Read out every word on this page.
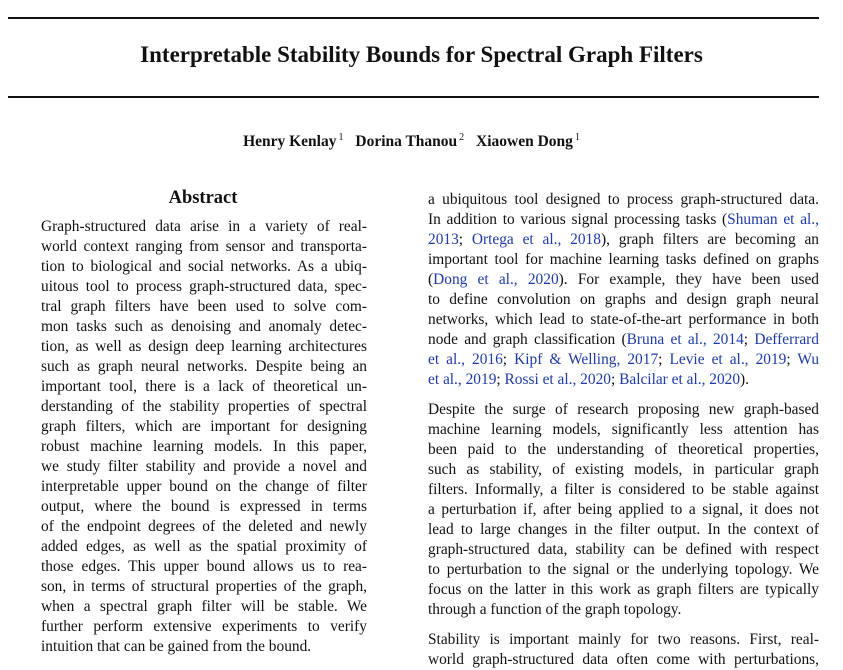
Interpretable Stability Bounds for Spectral Graph Filters
Henry Kenlay $^1$ Dorina Thanou $^2$ Xiaowen Dong $^1$
Abstract
Graph-structured data arise in a variety of real-
world context ranging from sensor and transporta-
tion to biological and social networks. As a ubiq-
uitous tool to process graph-structured data, spec-
tral graph filters have been used to solve com-
mon tasks such as denoising and anomaly detec-
tion, as well as design deep learning architectures
such as graph neural networks. Despite being an
important tool, there is a lack of theoretical un-
derstanding of the stability properties of spectral
graph filters, which are important for designing
robust machine learning models. In this paper,
we study filter stability and provide a novel and
interpretable upper bound on the change of filter
output, where the bound is expressed in terms
of the endpoint degrees of the deleted and newly
added edges, as well as the spatial proximity of
those edges. This upper bound allows us to rea-
son, in terms of structural properties of the graph,
when a spectral graph filter will be stable. We
further perform extensive experiments to verify
intuition that can be gained from the bound.
a ubiquitous tool designed to process graph-structured data.
In addition to various signal processing tasks (Shuman et al.,
2013; Ortega et al., 2018), graph filters are becoming an
important tool for machine learning tasks defined on graphs
(Dong et al., 2020). For example, they have been used
to define convolution on graphs and design graph neural
networks, which lead to state-of-the-art performance in both
node and graph classification (Bruna et al., 2014; Defferrard
et al., 2016; Kipf & Welling, 2017; Levie et al., 2019; Wu
et al., 2019; Rossi et al., 2020; Balcilar et al., 2020).
Despite the surge of research proposing new graph-based
machine learning models, significantly less attention has
been paid to the understanding of theoretical properties,
such as stability, of existing models, in particular graph
filters. Informally, a filter is considered to be stable against
a perturbation if, after being applied to a signal, it does not
lead to large changes in the filter output. In the context of
graph-structured data, stability can be defined with respect
to perturbation to the signal or the underlying topology. We
focus on the latter in this work as graph filters are typically
through a function of the graph topology.
Stability is important mainly for two reasons. First, real-
world graph-structured data often come with perturbations,
